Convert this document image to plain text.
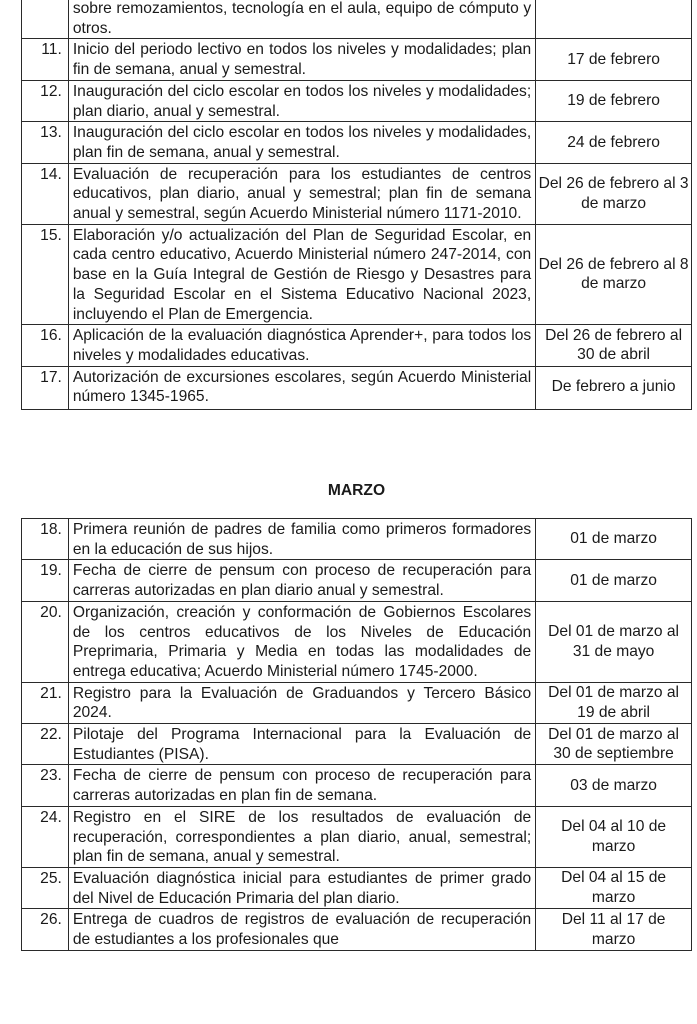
	sobre remozamientos, tecnología en el aula, equipo de cómputo y otros.	
11.	Inicio del periodo lectivo en todos los niveles y modalidades; plan fin de semana, anual y semestral.	17 de febrero
12.	Inauguración del ciclo escolar en todos los niveles y modalidades; plan diario, anual y semestral.	19 de febrero
13.	Inauguración del ciclo escolar en todos los niveles y modalidades, plan fin de semana, anual y semestral.	24 de febrero
14.	Evaluación de recuperación para los estudiantes de centros educativos, plan diario, anual y semestral; plan fin de semana anual y semestral, según Acuerdo Ministerial número 1171-2010.	Del 26 de febrero al 3 de marzo
15.	Elaboración y/o actualización del Plan de Seguridad Escolar, en cada centro educativo, Acuerdo Ministerial número 247-2014, con base en la Guía Integral de Gestión de Riesgo y Desastres para la Seguridad Escolar en el Sistema Educativo Nacional 2023, incluyendo el Plan de Emergencia.	Del 26 de febrero al 8 de marzo
16.	Aplicación de la evaluación diagnóstica Aprender+, para todos los niveles y modalidades educativas.	Del 26 de febrero al 30 de abril
17.	Autorización de excursiones escolares, según Acuerdo Ministerial número 1345-1965.	De febrero a junio
MARZO
18.	Primera reunión de padres de familia como primeros formadores en la educación de sus hijos.	01 de marzo
19.	Fecha de cierre de pensum con proceso de recuperación para carreras autorizadas en plan diario anual y semestral.	01 de marzo
20.	Organización, creación y conformación de Gobiernos Escolares de los centros educativos de los Niveles de Educación Preprimaria, Primaria y Media en todas las modalidades de entrega educativa; Acuerdo Ministerial número 1745-2000.	Del 01 de marzo al 31 de mayo
21.	Registro para la Evaluación de Graduandos y Tercero Básico 2024.	Del 01 de marzo al 19 de abril
22.	Pilotaje del Programa Internacional para la Evaluación de Estudiantes (PISA).	Del 01 de marzo al 30 de septiembre
23.	Fecha de cierre de pensum con proceso de recuperación para carreras autorizadas en plan fin de semana.	03 de marzo
24.	Registro en el SIRE de los resultados de evaluación de recuperación, correspondientes a plan diario, anual, semestral; plan fin de semana, anual y semestral.	Del 04 al 10 de marzo
25.	Evaluación diagnóstica inicial para estudiantes de primer grado del Nivel de Educación Primaria del plan diario.	Del 04 al 15 de marzo
26.	Entrega de cuadros de registros de evaluación de recuperación de estudiantes a los profesionales que	Del 11 al 17 de marzo
